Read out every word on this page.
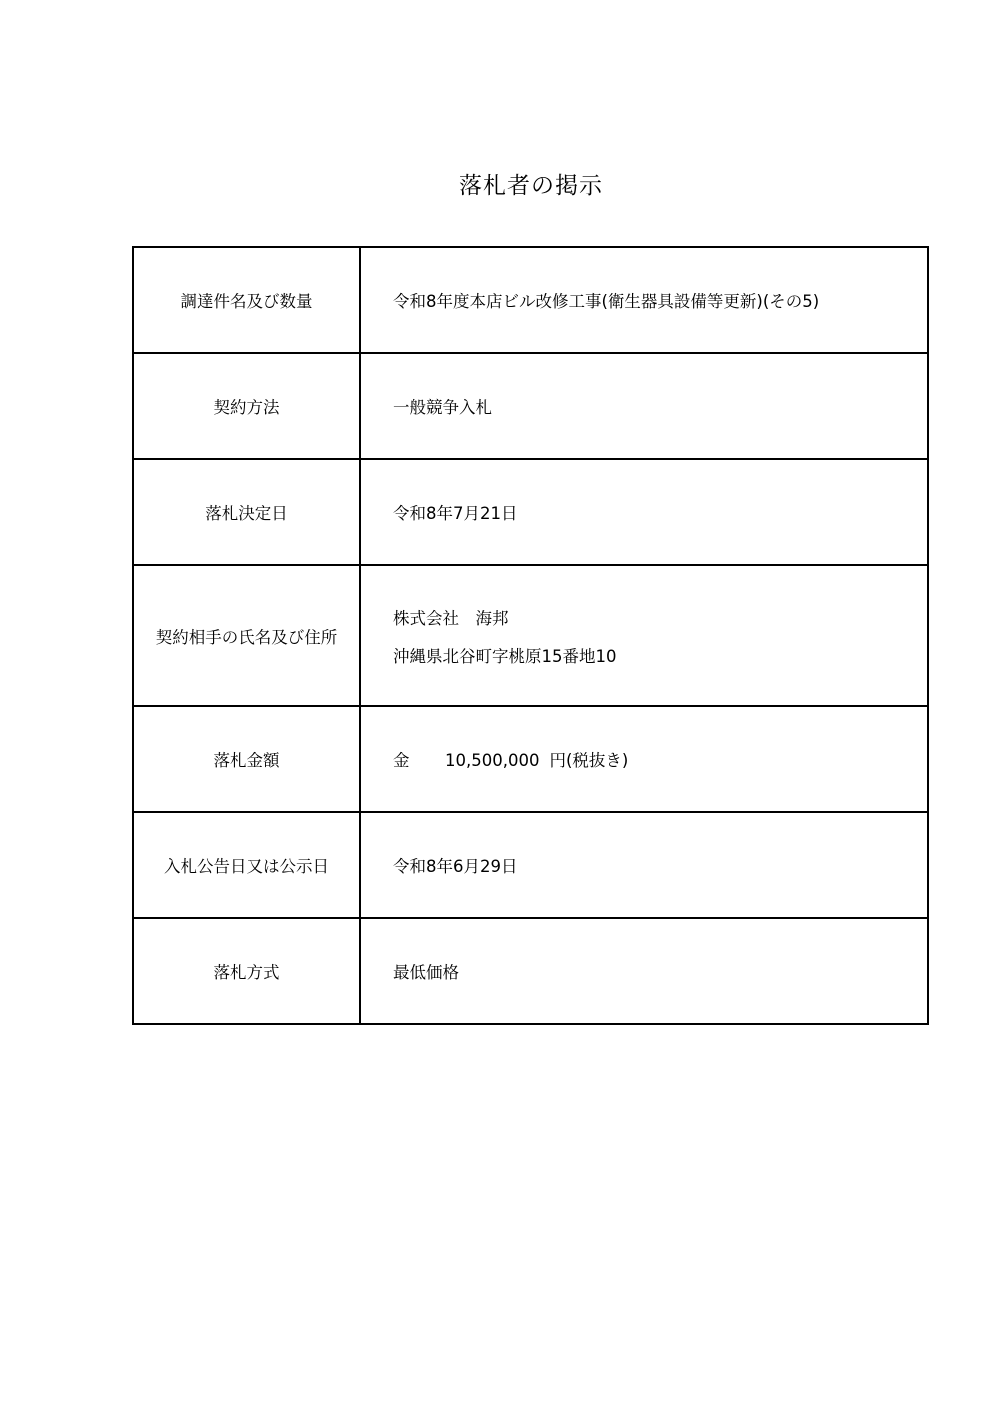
落札者の掲示
調達件名及び数量	令和8年度本店ビル改修工事(衛生器具設備等更新)(その5)
契約方法	一般競争入札
落札決定日	令和8年7月21日
契約相手の氏名及び住所	株式会社　海邦
沖縄県北谷町字桃原15番地10

落札金額	金 10,500,000 円(税抜き)
入札公告日又は公示日	令和8年6月29日
落札方式	最低価格
